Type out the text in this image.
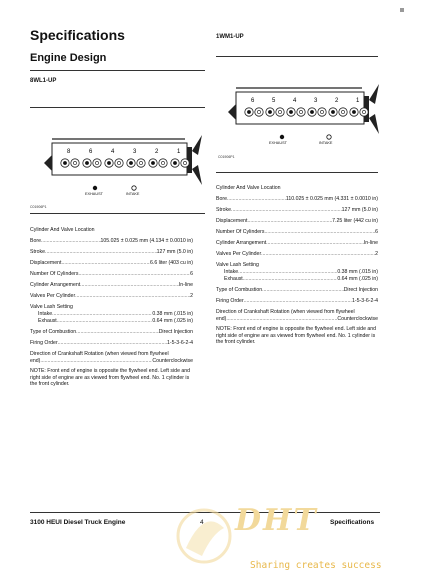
Specifications
Engine Design
8WL1-UP
1WM1-UP
8	6	4	3	2	1
EXHAUST	INTAKE
C01906P1
Cylinder And Valve Location
Bore .....	105.025 ± 0.025 mm (4.134 ± 0.0010 in)
Stroke .....	127 mm (5.0 in)
Displacement .....	6.6 liter (403 cu in)
Number Of Cylinders .....	6
Cylinder Arrangement .....	In-line
Valves Per Cylinder .....	2
Valve Lash Setting
Intake .....	0.38 mm (.015 in)
Exhaust .....	0.64 mm (.025 in)
Type of Combustion .....	Direct Injection
Firing Order .....	1-5-3-6-2-4
Direction of Crankshaft Rotation (when viewed from flywheel
end) .....	Counterclockwise
NOTE: Front end of engine is opposite the flywheel end. Left side and right side of engine are as viewed from flywheel end. No. 1 cylinder is the front cylinder.
6	5	4	3	2	1
EXHAUST	INTAKE
C01906P1
Cylinder And Valve Location
Bore .....	110.025 ± 0.025 mm (4.331 ± 0.0010 in)
Stroke .....	127 mm (5.0 in)
Displacement .....	7.25 liter (442 cu in)
Number Of Cylinders .....	6
Cylinder Arrangement .....	In-line
Valves Per Cylinder .....	2
Valve Lash Setting
Intake .....	0.38 mm (.015 in)
Exhaust .....	0.64 mm (.025 in)
Type of Combustion .....	Direct Injection
Firing Order .....	1-5-3-6-2-4
Direction of Crankshaft Rotation (when viewed from flywheel
end) .....	Counterclockwise
NOTE: Front end of engine is opposite the flywheel end. Left side and right side of engine are as viewed from flywheel end. No. 1 cylinder is the front cylinder.
3100 HEUI Diesel Truck Engine	4	Specifications
DHT
Sharing creates success
